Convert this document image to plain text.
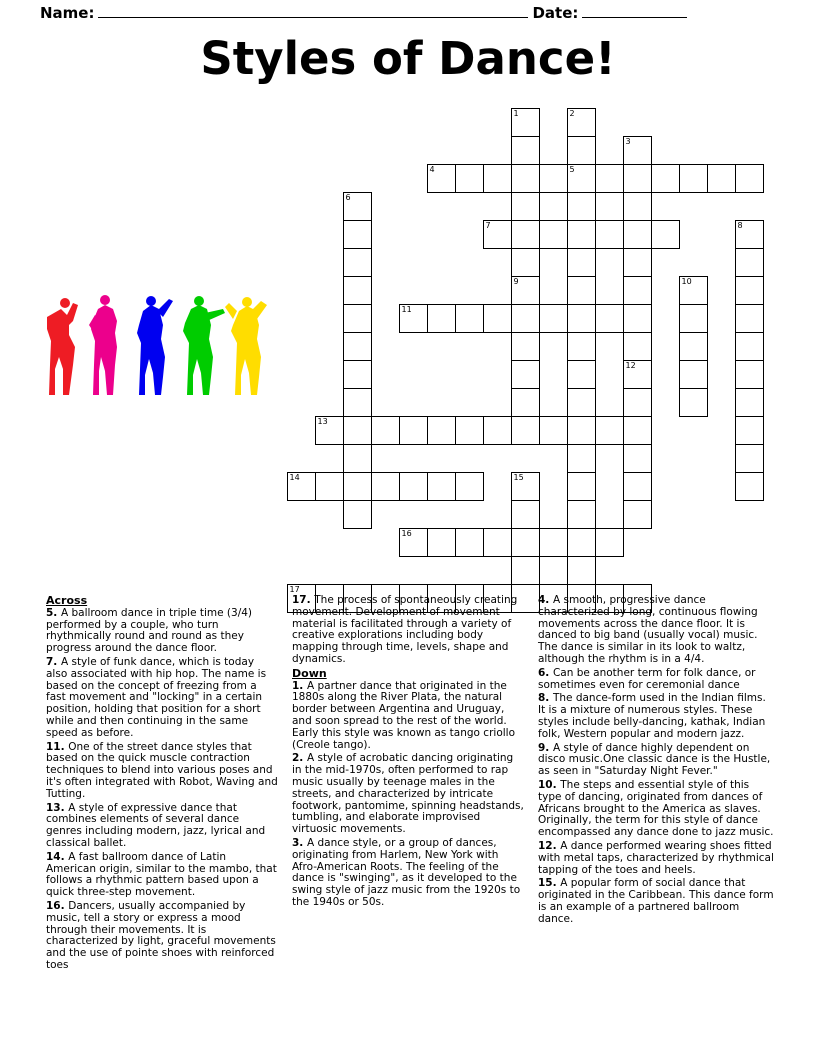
Name:	Date:
Styles of Dance!
1	2
3
4	5
6
7	8
9	10
11
12
13
14	15
16
17
Across
5. A ballroom dance in triple time (3/4) performed by a couple, who turn rhythmically round and round as they progress around the dance floor.
7. A style of funk dance, which is today also associated with hip hop. The name is based on the concept of freezing from a fast movement and "locking" in a certain position, holding that position for a short while and then continuing in the same speed as before.
11. One of the street dance styles that based on the quick muscle contraction techniques to blend into various poses and it's often integrated with Robot, Waving and Tutting.
13. A style of expressive dance that combines elements of several dance genres including modern, jazz, lyrical and classical ballet.
14. A fast ballroom dance of Latin American origin, similar to the mambo, that follows a rhythmic pattern based upon a quick three-step movement.
16. Dancers, usually accompanied by music, tell a story or express a mood through their movements. It is characterized by light, graceful movements and the use of pointe shoes with reinforced toes
17. The process of spontaneously creating movement. Development of movement material is facilitated through a variety of creative explorations including body mapping through time, levels, shape and dynamics.
Down
1. A partner dance that originated in the 1880s along the River Plata, the natural border between Argentina and Uruguay, and soon spread to the rest of the world. Early this style was known as tango criollo (Creole tango).
2. A style of acrobatic dancing originating in the mid-1970s, often performed to rap music usually by teenage males in the streets, and characterized by intricate footwork, pantomime, spinning headstands, tumbling, and elaborate improvised virtuosic movements.
3. A dance style, or a group of dances, originating from Harlem, New York with Afro-American Roots. The feeling of the dance is "swinging", as it developed to the swing style of jazz music from the 1920s to the 1940s or 50s.
4. A smooth, progressive dance characterized by long, continuous flowing movements across the dance floor. It is danced to big band (usually vocal) music. The dance is similar in its look to waltz, although the rhythm is in a 4/4.
6. Can be another term for folk dance, or sometimes even for ceremonial dance
8. The dance-form used in the Indian films. It is a mixture of numerous styles. These styles include belly-dancing, kathak, Indian folk, Western popular and modern jazz.
9. A style of dance highly dependent on disco music.One classic dance is the Hustle, as seen in "Saturday Night Fever."
10. The steps and essential style of this type of dancing, originated from dances of Africans brought to the America as slaves. Originally, the term for this style of dance encompassed any dance done to jazz music.
12. A dance performed wearing shoes fitted with metal taps, characterized by rhythmical tapping of the toes and heels.
15. A popular form of social dance that originated in the Caribbean. This dance form is an example of a partnered ballroom dance.
